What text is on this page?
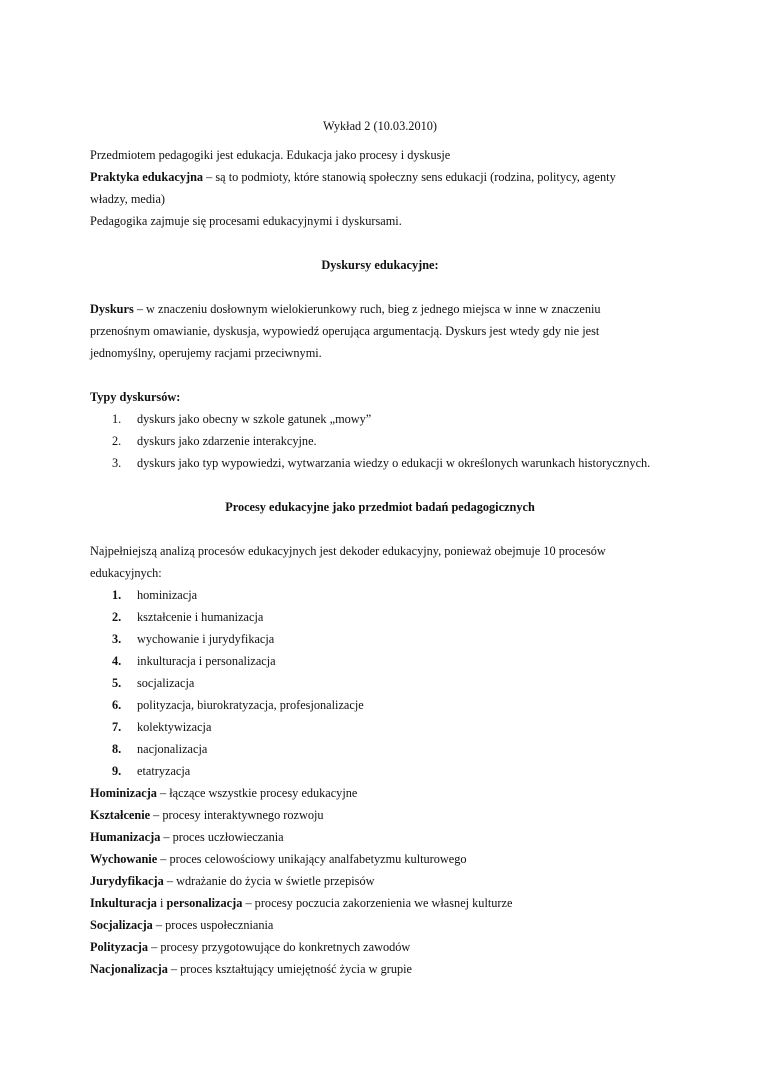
Wykład 2 (10.03.2010)
Przedmiotem pedagogiki jest edukacja. Edukacja jako procesy i dyskusje
Praktyka edukacyjna – są to podmioty, które stanowią społeczny sens edukacji (rodzina, politycy, agenty
władzy, media)
Pedagogika zajmuje się procesami edukacyjnymi i dyskursami.
Dyskursy edukacyjne:
Dyskurs – w znaczeniu dosłownym wielokierunkowy ruch, bieg z jednego miejsca w inne w znaczeniu
przenośnym omawianie, dyskusja, wypowiedź operująca argumentacją. Dyskurs jest wtedy gdy nie jest
jednomyślny, operujemy racjami przeciwnymi.
Typy dyskursów:
1. dyskurs jako obecny w szkole gatunek „mowy”
2. dyskurs jako zdarzenie interakcyjne.
3. dyskurs jako typ wypowiedzi, wytwarzania wiedzy o edukacji w określonych warunkach historycznych.
Procesy edukacyjne jako przedmiot badań pedagogicznych
Najpełniejszą analizą procesów edukacyjnych jest dekoder edukacyjny, ponieważ obejmuje 10 procesów
edukacyjnych:
1. hominizacja
2. kształcenie i humanizacja
3. wychowanie i jurydyfikacja
4. inkulturacja i personalizacja
5. socjalizacja
6. polityzacja, biurokratyzacja, profesjonalizacje
7. kolektywizacja
8. nacjonalizacja
9. etatryzacja
Hominizacja – łączące wszystkie procesy edukacyjne
Kształcenie – procesy interaktywnego rozwoju
Humanizacja – proces uczłowieczania
Wychowanie – proces celowościowy unikający analfabetyzmu kulturowego
Jurydyfikacja – wdrażanie do życia w świetle przepisów
Inkulturacja i personalizacja – procesy poczucia zakorzenienia we własnej kulturze
Socjalizacja – proces uspołeczniania
Polityzacja – procesy przygotowujące do konkretnych zawodów
Nacjonalizacja – proces kształtujący umiejętność życia w grupie
